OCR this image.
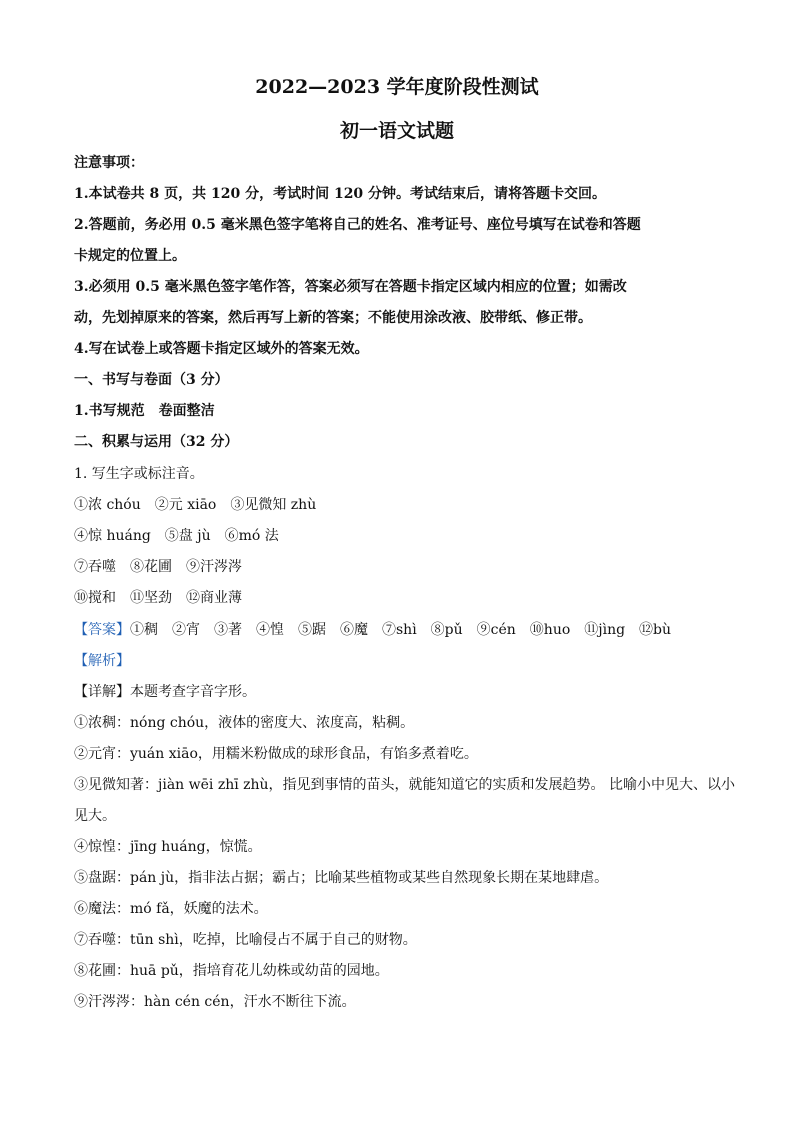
2022—2023 学年度阶段性测试
初一语文试题
注意事项：
1.本试卷共 8 页，共 120 分，考试时间 120 分钟。考试结束后，请将答题卡交回。
2.答题前，务必用 0.5 毫米黑色签字笔将自己的姓名、准考证号、座位号填写在试卷和答题
卡规定的位置上。
3.必须用 0.5 毫米黑色签字笔作答，答案必须写在答题卡指定区域内相应的位置；如需改
动，先划掉原来的答案，然后再写上新的答案；不能使用涂改液、胶带纸、修正带。
4.写在试卷上或答题卡指定区域外的答案无效。
一、书写与卷面（3 分）
1.书写规范　卷面整洁
二、积累与运用（32 分）
1. 写生字或标注音。
①浓 chóu　②元 xiāo　③见微知 zhù
④惊 huáng　⑤盘 jù　⑥mó 法
⑦吞噬　⑧花圃　⑨汗涔涔
⑩搅和　⑪坚劲　⑫商业薄
【答案】①稠　②宵　③著　④惶　⑤踞　⑥魔　⑦shì　⑧pǔ　⑨cén　⑩huo　⑪jìng　⑫bù
【解析】
【详解】本题考查字音字形。
①浓稠：nóng chóu，液体的密度大、浓度高，粘稠。
②元宵：yuán xiāo，用糯米粉做成的球形食品，有馅多煮着吃。
③见微知著：jiàn wēi zhī zhù，指见到事情的苗头，就能知道它的实质和发展趋势。 比喻小中见大、以小
见大。
④惊惶：jīng huáng，惊慌。
⑤盘踞：pán jù，指非法占据；霸占；比喻某些植物或某些自然现象长期在某地肆虐。
⑥魔法：mó fǎ，妖魔的法术。
⑦吞噬：tūn shì，吃掉，比喻侵占不属于自己的财物。
⑧花圃：huā pǔ，指培育花儿幼株或幼苗的园地。
⑨汗涔涔：hàn cén cén，汗水不断往下流。
